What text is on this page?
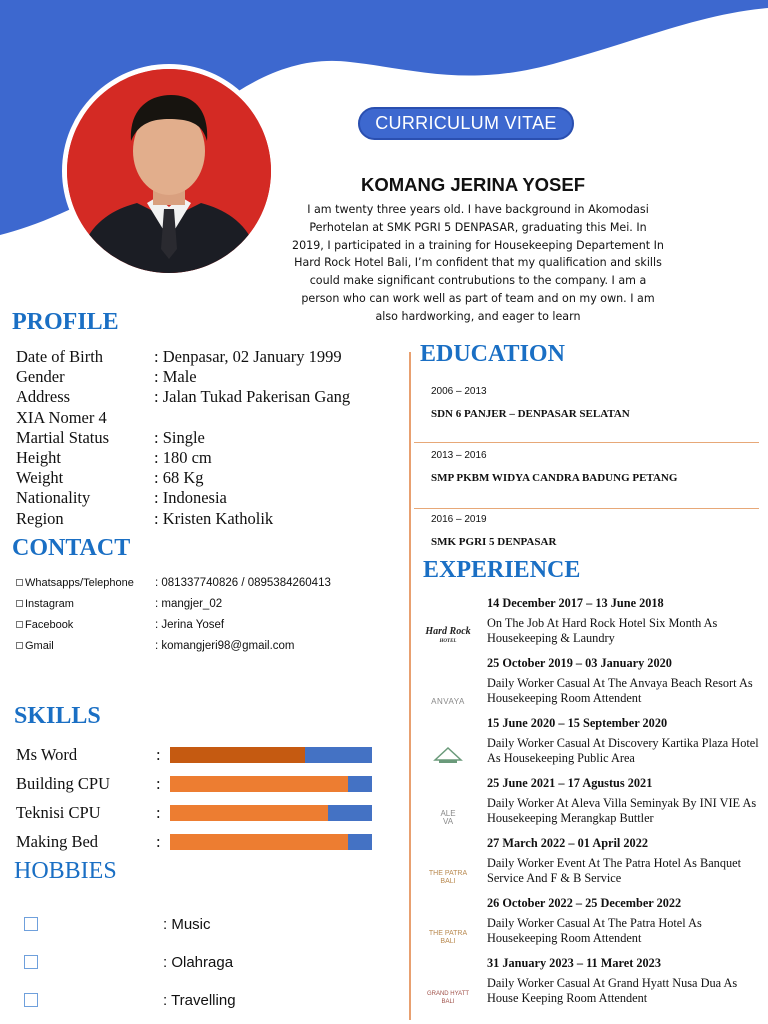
CURRICULUM VITAE
KOMANG JERINA YOSEF
I am twenty three years old. I have background in Akomodasi Perhotelan at SMK PGRI 5 DENPASAR, graduating this Mei. In 2019, I participated in a training for Housekeeping Departement In Hard Rock Hotel Bali, I’m confident that my qualification and skills could make significant contrubutions to the company. I am a person who can work well as part of team and on my own. I am also hardworking, and eager to learn
PROFILE
Date of Birth	: Denpasar, 02 January 1999
Gender	: Male
Address	: Jalan Tukad Pakerisan Gang
XIA Nomer 4
Martial Status	: Single
Height	: 180 cm
Weight	: 68 Kg
Nationality	: Indonesia
Region	: Kristen Katholik
CONTACT
Whatsapps/Telephone : 081337740826 / 0895384260413
Instagram	: mangjer_02
Facebook	: Jerina Yosef
Gmail	: komangjeri98@gmail.com
SKILLS
Ms Word	:
Building CPU	:
Teknisi CPU	:
Making Bed	:
HOBBIES
: Music
: Olahraga
: Travelling
EDUCATION
2006 – 2013
SDN 6 PANJER – DENPASAR SELATAN
2013 – 2016
SMP PKBM WIDYA CANDRA BADUNG PETANG
2016 – 2019
SMK PGRI 5 DENPASAR
EXPERIENCE
Hard Rock
HOTEL
14 December 2017 – 13 June 2018
On The Job At Hard Rock Hotel Six Month As Housekeeping & Laundry
ANVAYA
25 October 2019 – 03 January 2020
Daily Worker Casual At The Anvaya Beach Resort As Housekeeping Room Attendent
15 June 2020 – 15 September 2020
Daily Worker Casual At Discovery Kartika Plaza Hotel As Housekeeping Public Area
ALE VA
25 June 2021 – 17 Agustus 2021
Daily Worker At Aleva Villa Seminyak By INI VIE As Housekeeping Merangkap Buttler
THE PATRA
BALI
27 March 2022 – 01 April 2022
Daily Worker Event At The Patra Hotel As Banquet Service And F & B Service
THE PATRA
BALI
26 October 2022 – 25 December 2022
Daily Worker Casual At The Patra Hotel As Housekeeping Room Attendent
GRAND HYATT
BALI
31 January 2023 – 11 Maret 2023
Daily Worker Casual At Grand Hyatt Nusa Dua As House Keeping Room Attendent
